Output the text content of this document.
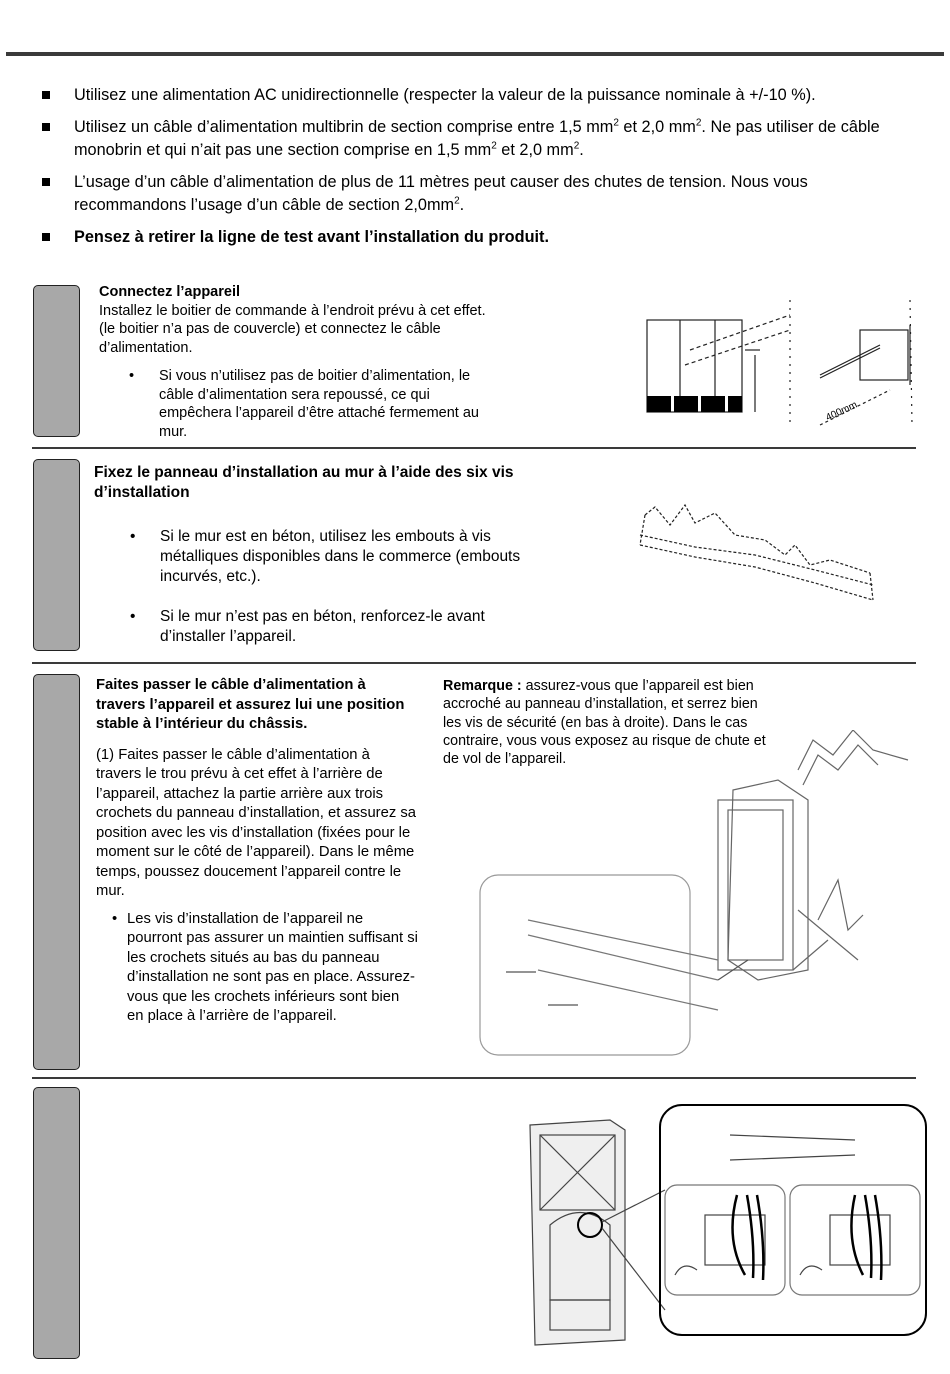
Utilisez une alimentation AC unidirectionnelle (respecter la valeur de la puissance nominale à +/-10 %).
Utilisez un câble d’alimentation multibrin de section comprise entre 1,5 $mm^2$ et 2,0 $mm^2$. Ne pas utiliser de câble monobrin et qui n’ait pas une section comprise en 1,5 $mm^2$ et 2,0 $mm^2$.
L’usage d’un câble d’alimentation de plus de 11 mètres peut causer des chutes de tension. Nous vous recommandons l’usage d’un câble de section $2,0mm^2$.
Pensez à retirer la ligne de test avant l’installation du produit.
Connectez l’appareil
Installez le boitier de commande à l’endroit prévu à cet effet. (le boitier n’a pas de couvercle) et connectez le câble d’alimentation.
• Si vous n’utilisez pas de boitier d’alimentation, le câble d’alimentation sera repoussé, ce qui empêchera l’appareil d’être attaché fermement au mur.
400mm
Fixez le panneau d’installation au mur à l’aide des six vis d’installation
• Si le mur est en béton, utilisez les embouts à vis métalliques disponibles dans le commerce (embouts incurvés, etc.).
• Si le mur n’est pas en béton, renforcez-le avant d’installer l’appareil.
Faites passer le câble d’alimentation à travers l’appareil et assurez lui une position stable à l’intérieur du châssis.
(1) Faites passer le câble d’alimentation à travers le trou prévu à cet effet à l’arrière de l’appareil, attachez la partie arrière aux trois crochets du panneau d’installation, et assurez sa position avec les vis d’installation (fixées pour le moment sur le côté de l’appareil). Dans le même temps, poussez doucement l’appareil contre le mur.
• Les vis d’installation de l’appareil ne pourront pas assurer un maintien suffisant si les crochets situés au bas du panneau d’installation ne sont pas en place. Assurez-vous que les crochets inférieurs sont bien en place à l’arrière de l’appareil.
Remarque : assurez-vous que l’appareil est bien accroché au panneau d’installation, et serrez bien les vis de sécurité (en bas à droite). Dans le cas contraire, vous vous exposez au risque de chute et de vol de l’appareil.
